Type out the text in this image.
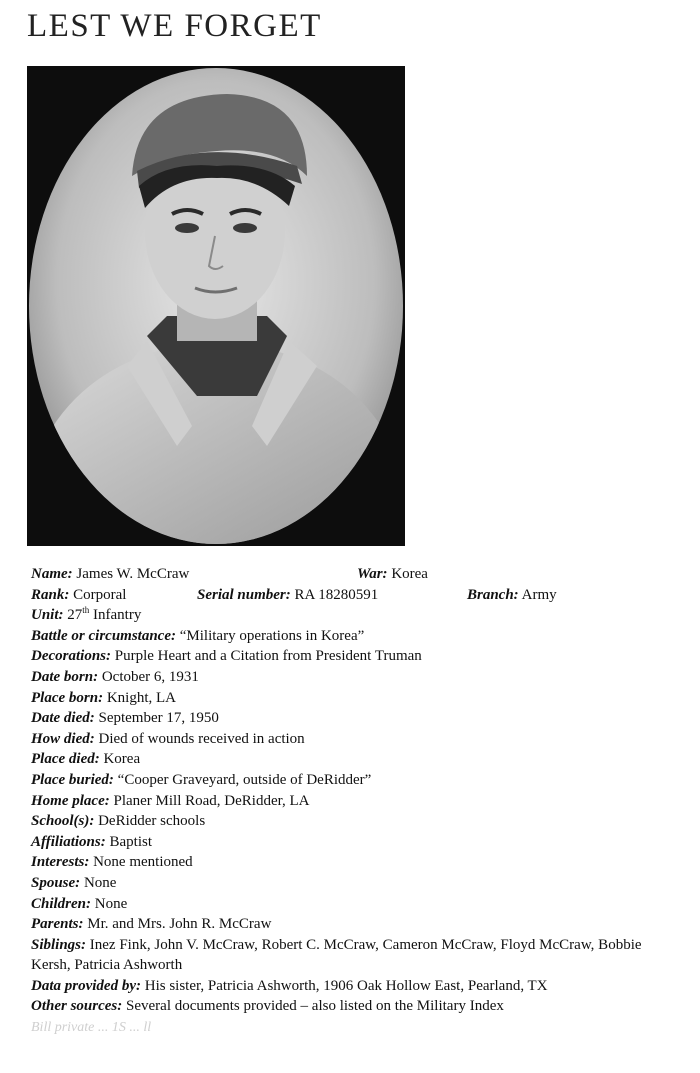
LEST WE FORGET
Name: James W. McCraw	War: Korea
Rank: Corporal	Serial number: RA 18280591	Branch: Army
Unit: 27th Infantry
Battle or circumstance: “Military operations in Korea”
Decorations: Purple Heart and a Citation from President Truman
Date born: October 6, 1931
Place born: Knight, LA
Date died: September 17, 1950
How died: Died of wounds received in action
Place died: Korea
Place buried: “Cooper Graveyard, outside of DeRidder”
Home place: Planer Mill Road, DeRidder, LA
School(s): DeRidder schools
Affiliations: Baptist
Interests: None mentioned
Spouse: None
Children: None
Parents: Mr. and Mrs. John R. McCraw
Siblings: Inez Fink, John V. McCraw, Robert C. McCraw, Cameron McCraw, Floyd McCraw, Bobbie Kersh, Patricia Ashworth
Data provided by: His sister, Patricia Ashworth, 1906 Oak Hollow East, Pearland, TX
Other sources: Several documents provided – also listed on the Military Index
Bill private ... 1S ... ll
